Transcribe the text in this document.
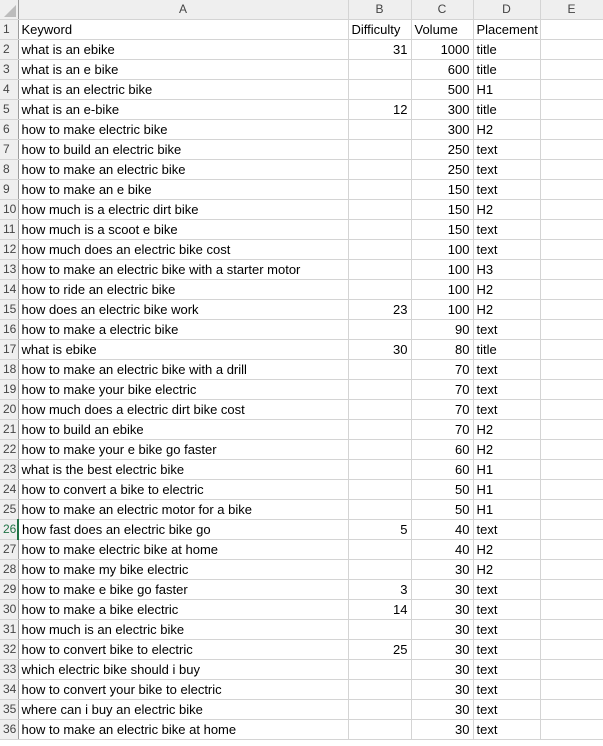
	A	B	C	D	E
1	Keyword	Difficulty	Volume	Placement	
2	what is an ebike	31	1000	title	
3	what is an e bike		600	title	
4	what is an electric bike		500	H1	
5	what is an e-bike	12	300	title	
6	how to make electric bike		300	H2	
7	how to build an electric bike		250	text	
8	how to make an electric bike		250	text	
9	how to make an e bike		150	text	
10	how much is a electric dirt bike		150	H2	
11	how much is a scoot e bike		150	text	
12	how much does an electric bike cost		100	text	
13	how to make an electric bike with a starter motor		100	H3	
14	how to ride an electric bike		100	H2	
15	how does an electric bike work	23	100	H2	
16	how to make a electric bike		90	text	
17	what is ebike	30	80	title	
18	how to make an electric bike with a drill		70	text	
19	how to make your bike electric		70	text	
20	how much does a electric dirt bike cost		70	text	
21	how to build an ebike		70	H2	
22	how to make your e bike go faster		60	H2	
23	what is the best electric bike		60	H1	
24	how to convert a bike to electric		50	H1	
25	how to make an electric motor for a bike		50	H1	
26	how fast does an electric bike go	5	40	text	
27	how to make electric bike at home		40	H2	
28	how to make my bike electric		30	H2	
29	how to make e bike go faster	3	30	text	
30	how to make a bike electric	14	30	text	
31	how much is an electric bike		30	text	
32	how to convert bike to electric	25	30	text	
33	which electric bike should i buy		30	text	
34	how to convert your bike to electric		30	text	
35	where can i buy an electric bike		30	text	
36	how to make an electric bike at home		30	text	
